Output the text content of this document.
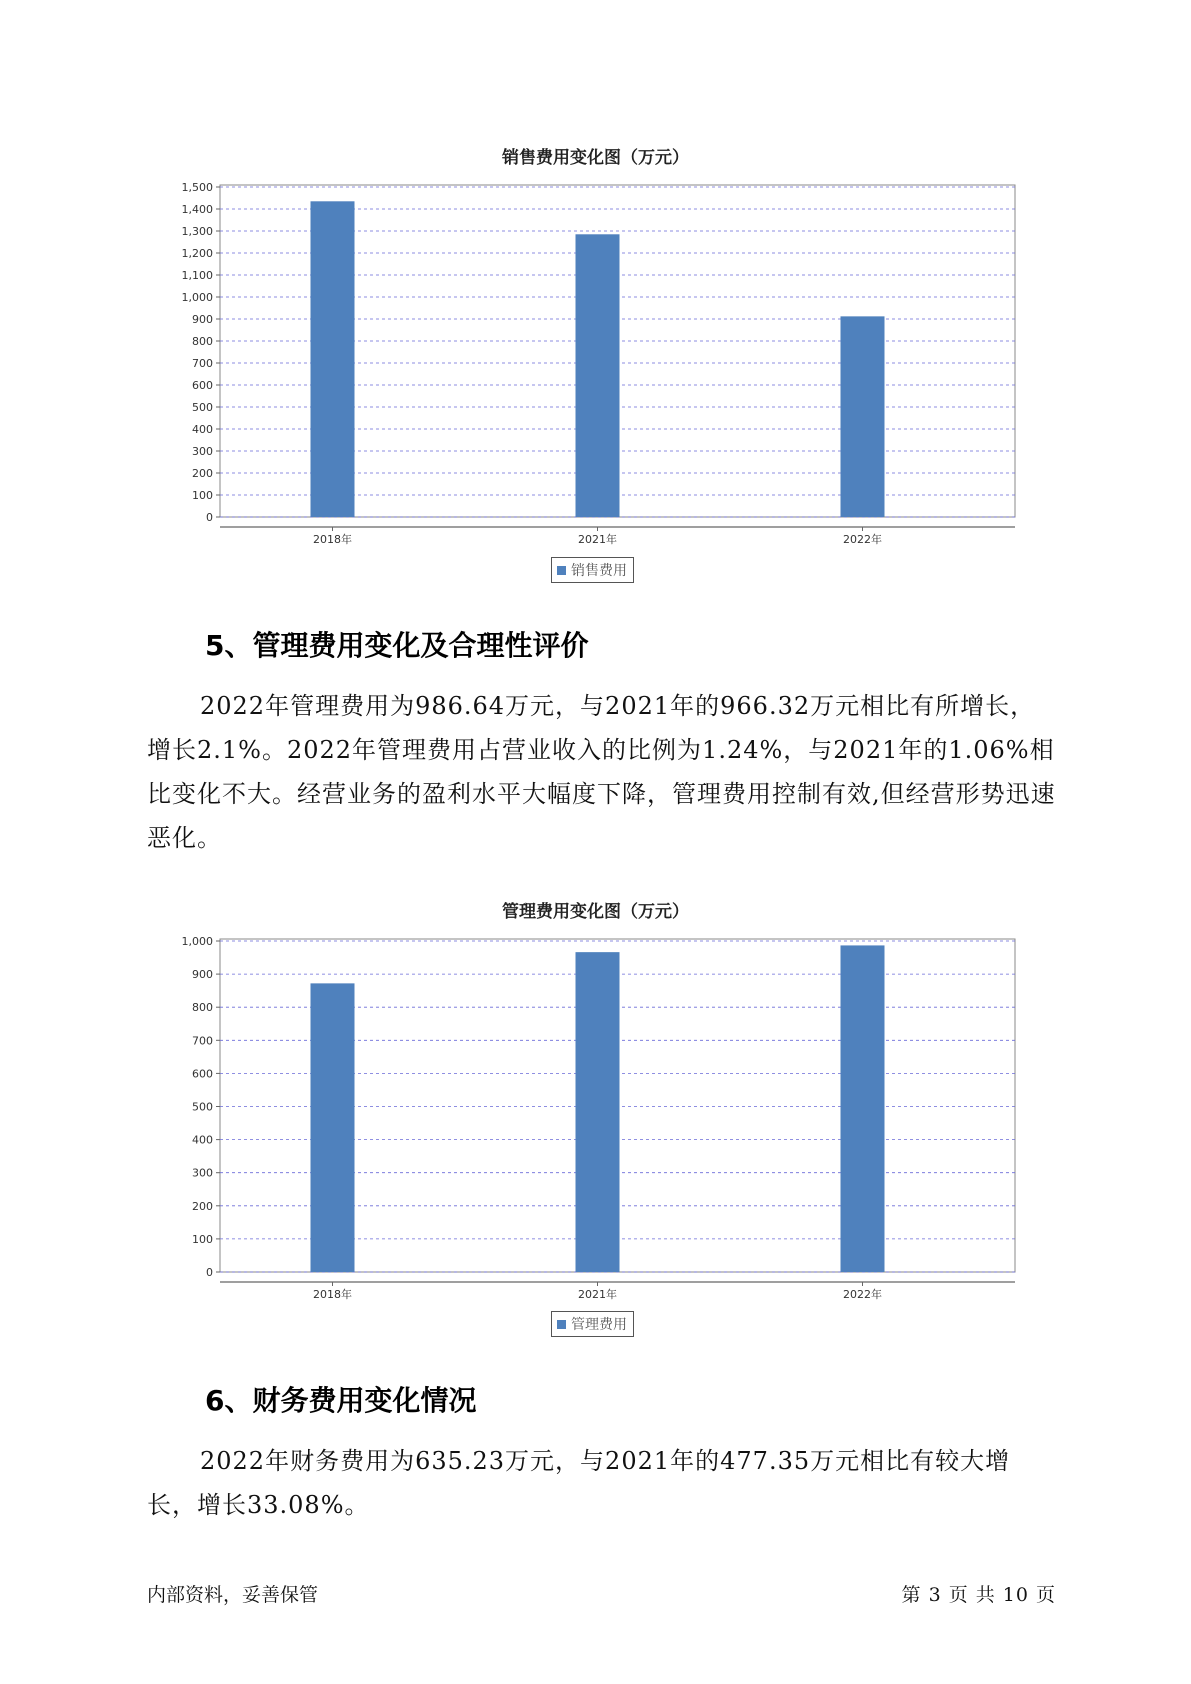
销售费用变化图（万元）
0
100
200
300
400
500
600
700
800
900
1,000
1,100
1,200
1,300
1,400
1,500
2018年	2021年	2022年
销售费用
5、管理费用变化及合理性评价

2022年管理费用为986.64万元，与2021年的966.32万元相比有所增长，增长2.1%。2022年管理费用占营业收入的比例为1.24%，与2021年的1.06%相比变化不大。经营业务的盈利水平大幅度下降，管理费用控制有效,但经营形势迅速恶化。

管理费用变化图（万元）
0
100
200
300
400
500
600
700
800
900
1,000
2018年	2021年	2022年
管理费用
6、财务费用变化情况

2022年财务费用为635.23万元，与2021年的477.35万元相比有较大增长，增长33.08%。

内部资料，妥善保管	第 3 页 共 10 页
